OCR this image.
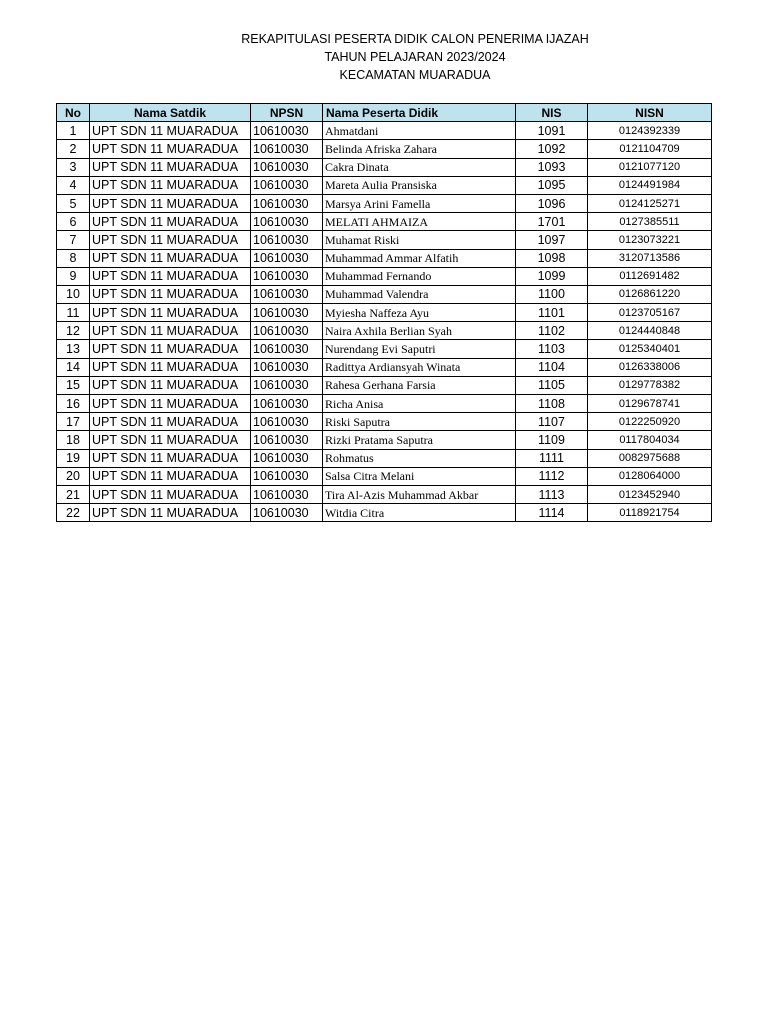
REKAPITULASI PESERTA DIDIK CALON PENERIMA IJAZAH
TAHUN PELAJARAN 2023/2024
KECAMATAN MUARADUA
No	Nama Satdik	NPSN	Nama Peserta Didik	NIS	NISN
1	UPT SDN 11 MUARADUA	10610030	Ahmatdani	1091	0124392339
2	UPT SDN 11 MUARADUA	10610030	Belinda Afriska Zahara	1092	0121104709
3	UPT SDN 11 MUARADUA	10610030	Cakra Dinata	1093	0121077120
4	UPT SDN 11 MUARADUA	10610030	Mareta Aulia Pransiska	1095	0124491984
5	UPT SDN 11 MUARADUA	10610030	Marsya Arini Famella	1096	0124125271
6	UPT SDN 11 MUARADUA	10610030	MELATI AHMAIZA	1701	0127385511
7	UPT SDN 11 MUARADUA	10610030	Muhamat Riski	1097	0123073221
8	UPT SDN 11 MUARADUA	10610030	Muhammad Ammar Alfatih	1098	3120713586
9	UPT SDN 11 MUARADUA	10610030	Muhammad Fernando	1099	0112691482
10	UPT SDN 11 MUARADUA	10610030	Muhammad Valendra	1100	0126861220
11	UPT SDN 11 MUARADUA	10610030	Myiesha Naffeza Ayu	1101	0123705167
12	UPT SDN 11 MUARADUA	10610030	Naira Axhila Berlian Syah	1102	0124440848
13	UPT SDN 11 MUARADUA	10610030	Nurendang Evi Saputri	1103	0125340401
14	UPT SDN 11 MUARADUA	10610030	Radittya Ardiansyah Winata	1104	0126338006
15	UPT SDN 11 MUARADUA	10610030	Rahesa Gerhana Farsia	1105	0129778382
16	UPT SDN 11 MUARADUA	10610030	Richa Anisa	1108	0129678741
17	UPT SDN 11 MUARADUA	10610030	Riski Saputra	1107	0122250920
18	UPT SDN 11 MUARADUA	10610030	Rizki Pratama Saputra	1109	0117804034
19	UPT SDN 11 MUARADUA	10610030	Rohmatus	1111	0082975688
20	UPT SDN 11 MUARADUA	10610030	Salsa Citra Melani	1112	0128064000
21	UPT SDN 11 MUARADUA	10610030	Tira Al-Azis Muhammad Akbar	1113	0123452940
22	UPT SDN 11 MUARADUA	10610030	Witdia Citra	1114	0118921754
